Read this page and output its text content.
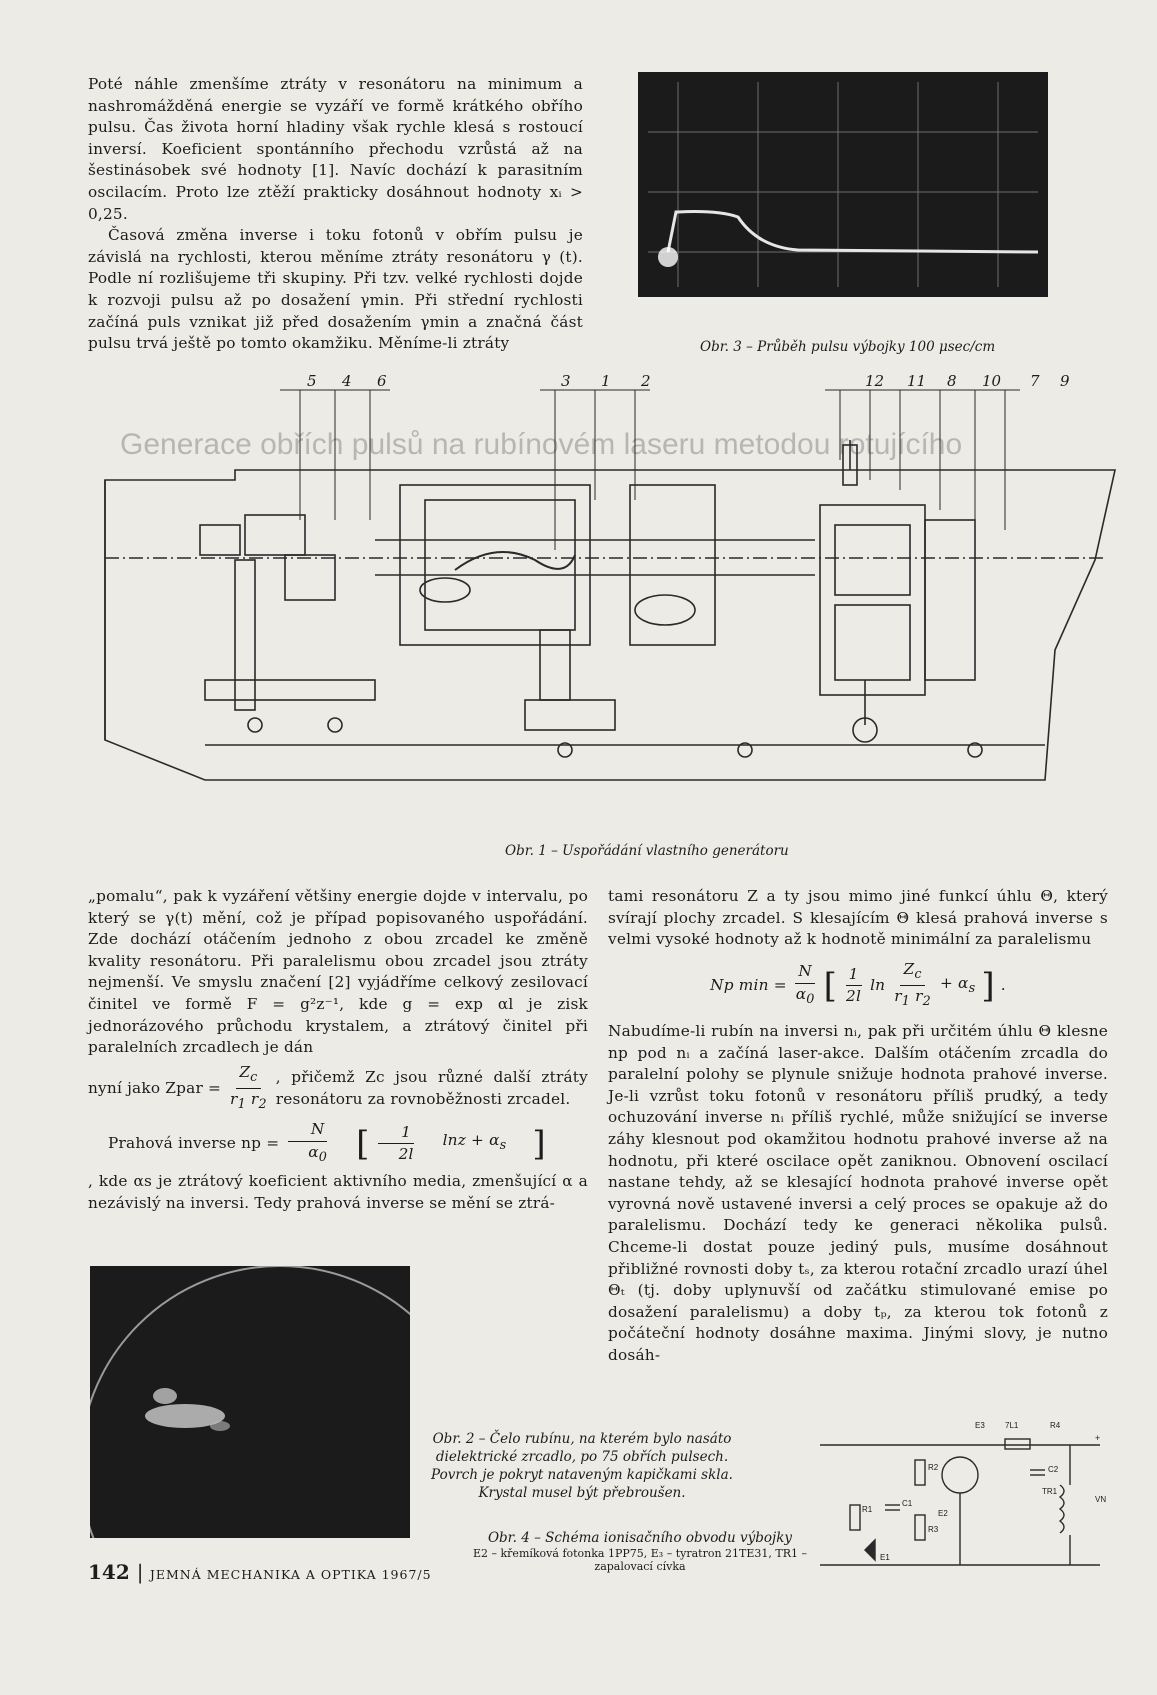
Poté náhle zmenšíme ztráty v resonátoru na minimum a nashromážděná energie se vyzáří ve formě krátkého obřího pulsu. Čas života horní hladiny však rychle klesá s rostoucí inversí. Koeficient spontánního přechodu vzrůstá až na šestinásobek své hodnoty [1]. Navíc dochází k parasitním oscilacím. Proto lze ztěží prakticky dosáhnout hodnoty xᵢ > 0,25.

Časová změna inverse i toku fotonů v obřím pulsu je závislá na rychlosti, kterou měníme ztráty resonátoru γ (t). Podle ní rozlišujeme tři skupiny. Při tzv. velké rychlosti dojde k rozvoji pulsu až po dosažení γmin. Při střední rychlosti začíná puls vznikat již před dosažením γmin a značná část pulsu trvá ještě po tomto okamžiku. Měníme-li ztráty	Obr. 3 – Průběh pulsu výbojky 100 μsec/cm
Generace obřích pulsů na rubínovém laseru metodou rotujícího
5 4 6	3 1 2	12 11 8 10 7 9
Obr. 1 – Uspořádání vlastního generátoru

„pomalu“, pak k vyzáření většiny energie dojde v intervalu, po který se γ(t) mění, což je případ popisovaného uspořádání. Zde dochází otáčením jednoho z obou zrcadel ke změně kvality resonátoru. Při paralelismu obou zrcadel jsou ztráty nejmenší. Ve smyslu značení [2] vyjádříme celkový zesilovací činitel ve formě F = g²z⁻¹, kde g = exp αl je zisk jednorázového průchodu krystalem, a ztrátový činitel při paralelních zrcadlech je dán

nyní jako Zpar = $\frac{Z_c}{r_1 r_2}$ , přičemž Zc jsou různé další ztráty resonátoru za rovnoběžnosti zrcadel.
Prahová inverse np = $\frac{N}{\alpha_0}$ [ $\frac{1}{2l}$	$\ln z + \alpha_s$ ]

, kde αs je ztrátový koeficient aktivního media, zmenšující α a nezávislý na inversi. Tedy prahová inverse se mění se ztrá-

Obr. 2 – Čelo rubínu, na kterém bylo nasáto dielektrické zrcadlo, po 75 obřích pulsech. Povrch je pokryt nataveným kapičkami skla. Krystal musel být přebroušen.

tami resonátoru Z a ty jsou mimo jiné funkcí úhlu Θ, který svírají plochy zrcadel. S klesajícím Θ klesá prahová inverse s velmi vysoké hodnoty až k hodnotě minimální za paralelismu

Np $\min = \frac{N}{\alpha_0}$ [ $\frac{1}{2l}$ $\ln \frac{Z_c}{r_1 r_2} + \alpha_s$ ] .

Nabudíme-li rubín na inversi nᵢ, pak při určitém úhlu Θ klesne np pod nᵢ a začíná laser-akce. Dalším otáčením zrcadla do paralelní polohy se plynule snižuje hodnota prahové inverse. Je-li vzrůst toku fotonů v resonátoru příliš prudký, a tedy ochuzování inverse nᵢ příliš rychlé, může snižující se inverse záhy klesnout pod okamžitou hodnotu prahové inverse až na hodnotu, při které oscilace opět zaniknou. Obnovení oscilací nastane tehdy, až se klesající hodnota prahové inverse opět vyrovná nově ustavené inversi a celý proces se opakuje až do paralelismu. Dochází tedy ke generaci několika pulsů. Chceme-li dostat pouze jediný puls, musíme dosáhnout přibližné rovnosti doby tₛ, za kterou rotační zrcadlo urazí úhel Θₜ (tj. doby uplynuvší od začátku stimulované emise po dosažení paralelismu) a doby tₚ, za kterou tok fotonů z počáteční hodnoty dosáhne maxima. Jinými slovy, je nutno dosáh-

E3	7L1	R4
R2	C2
TR1
R1
C1
E2
R3
E1
VN
+
Obr. 4 – Schéma ionisačního obvodu výbojky
E2 – křemíková fotonka 1PP75, E₃ – tyratron 21TE31, TR1 – zapalovací cívka
142 | JEMNÁ MECHANIKA A OPTIKA 1967/5
